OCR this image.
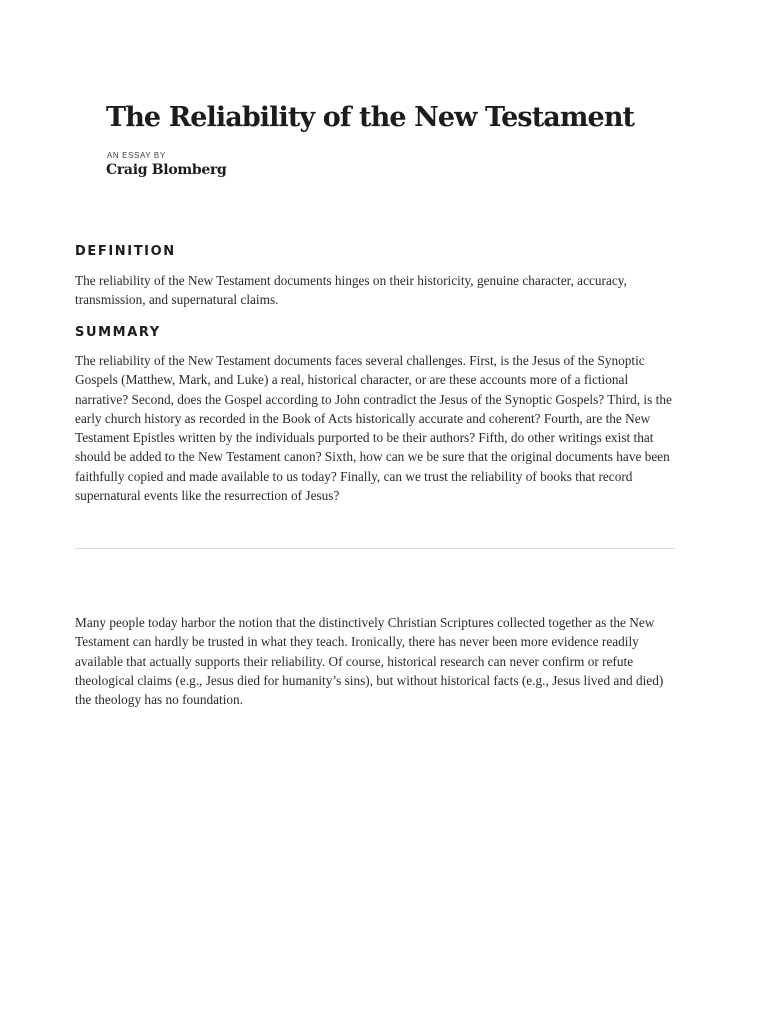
The Reliability of the New Testament
AN ESSAY BY
Craig Blomberg
DEFINITION

The reliability of the New Testament documents hinges on their historicity, genuine character, accuracy, transmission, and supernatural claims.

SUMMARY

The reliability of the New Testament documents faces several challenges. First, is the Jesus of the Synoptic Gospels (Matthew, Mark, and Luke) a real, historical character, or are these accounts more of a fictional narrative? Second, does the Gospel according to John contradict the Jesus of the Synoptic Gospels? Third, is the early church history as recorded in the Book of Acts historically accurate and coherent? Fourth, are the New Testament Epistles written by the individuals purported to be their authors? Fifth, do other writings exist that should be added to the New Testament canon? Sixth, how can we be sure that the original documents have been faithfully copied and made available to us today? Finally, can we trust the reliability of books that record supernatural events like the resurrection of Jesus?

Many people today harbor the notion that the distinctively Christian Scriptures collected together as the New Testament can hardly be trusted in what they teach. Ironically, there has never been more evidence readily available that actually supports their reliability. Of course, historical research can never confirm or refute theological claims (e.g., Jesus died for humanity’s sins), but without historical facts (e.g., Jesus lived and died) the theology has no foundation.
